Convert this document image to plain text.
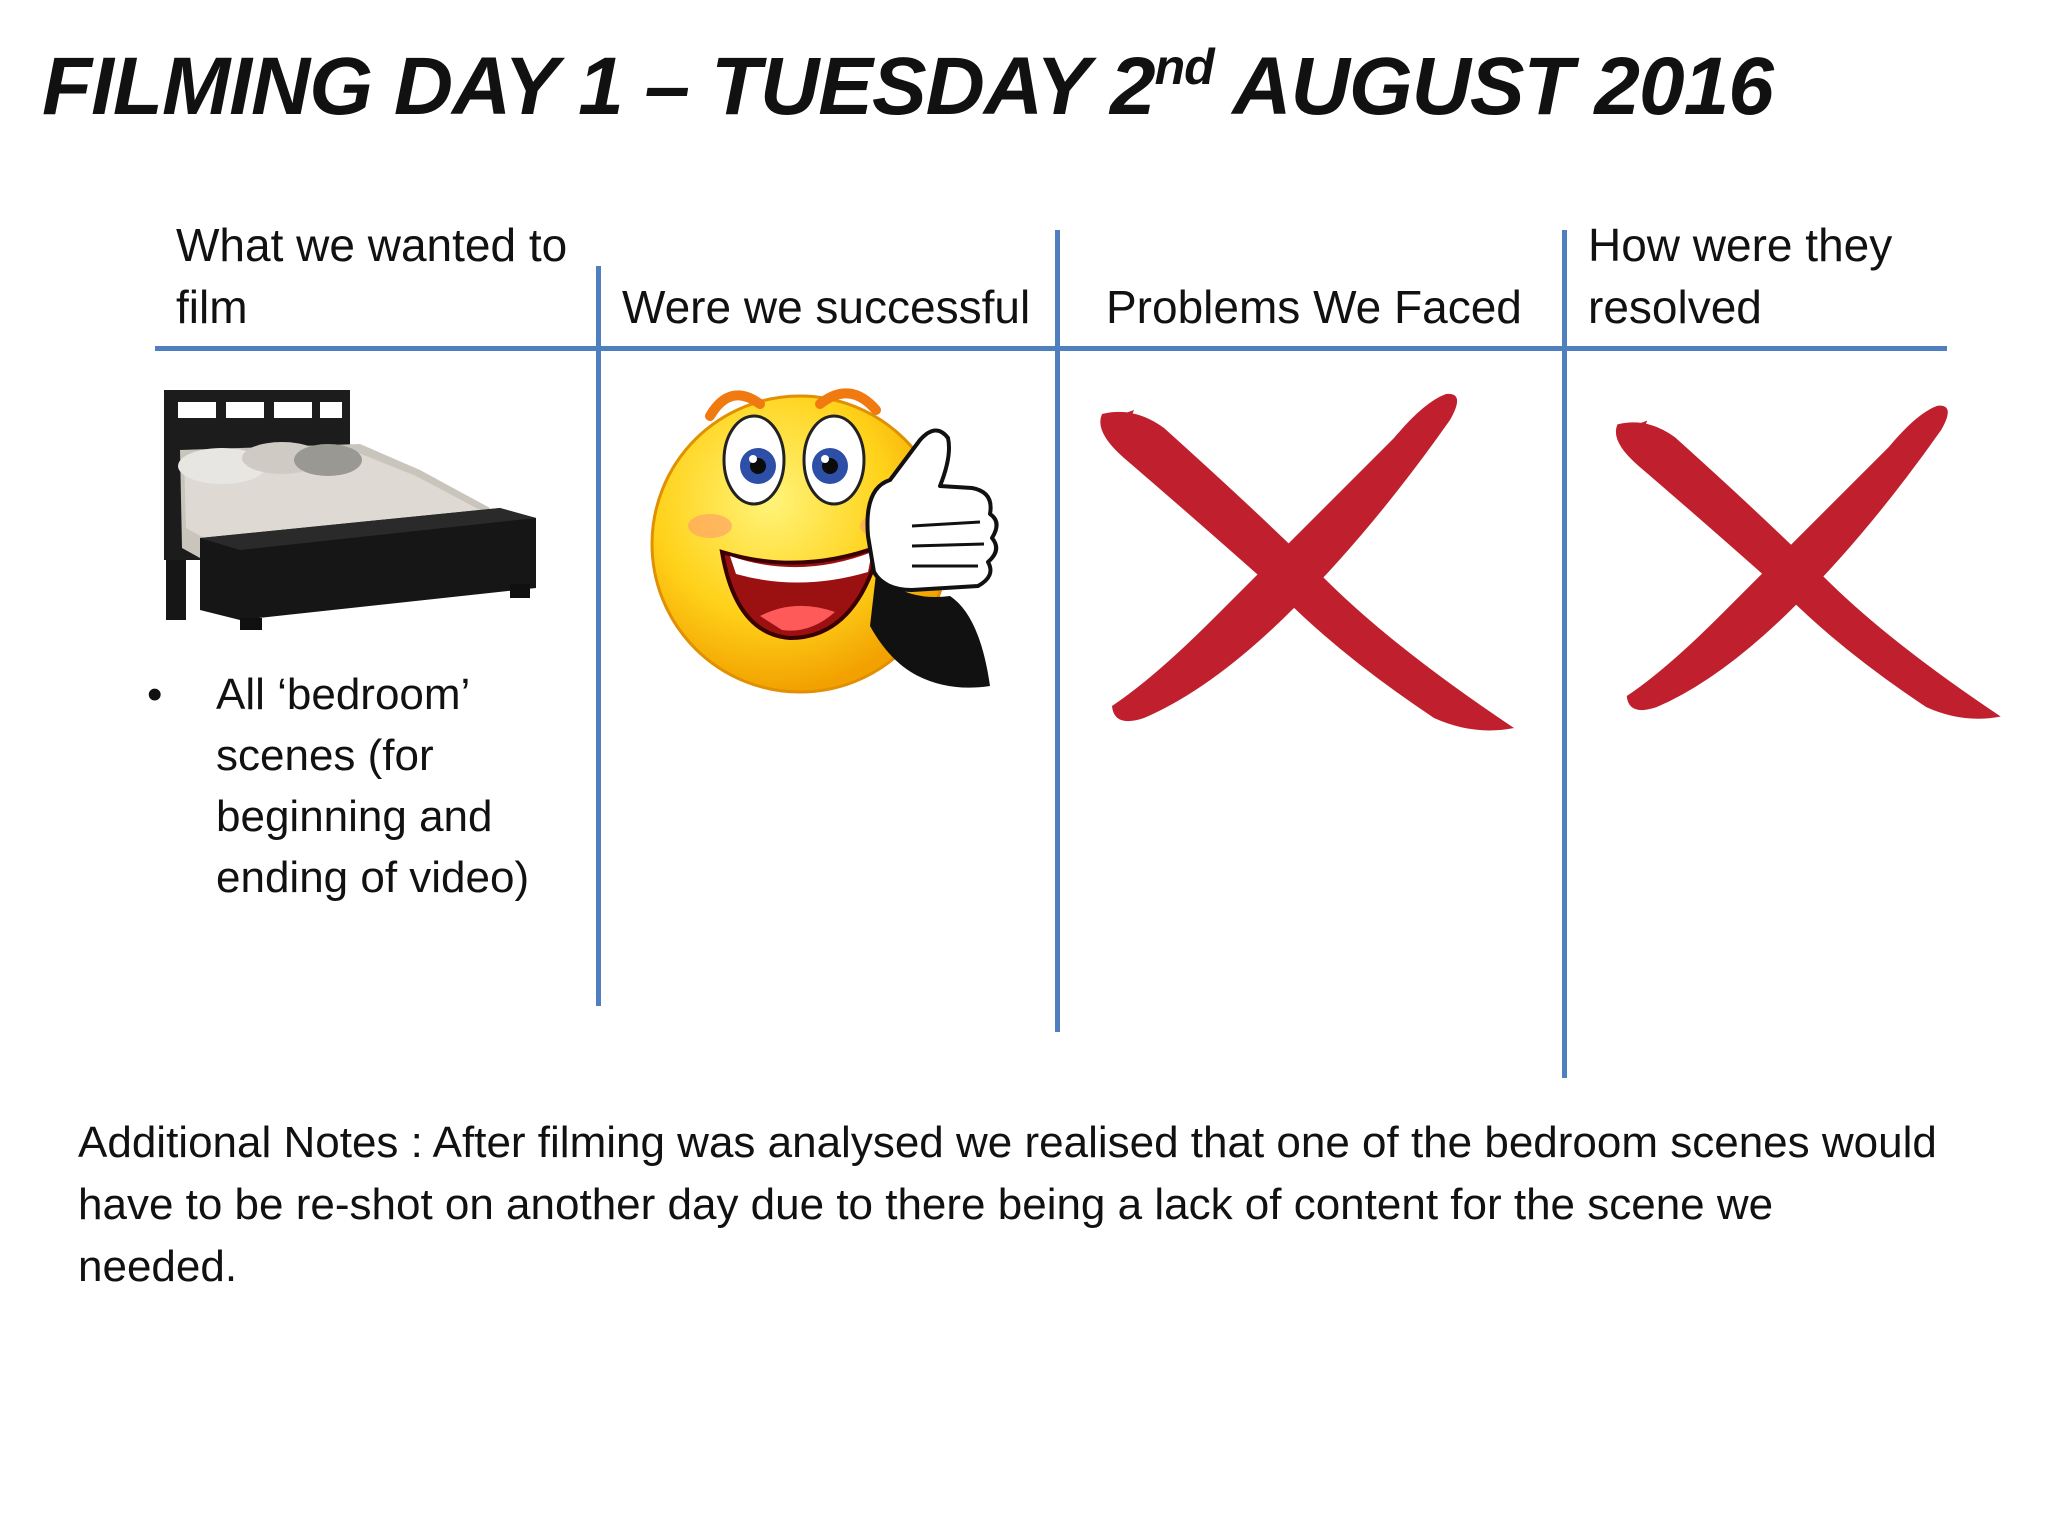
FILMING DAY 1 – TUESDAY 2nd AUGUST 2016

What we wanted to film	Were we successful Problems We Faced

How were they resolved

• All ‘bedroom’ scenes (for beginning and ending of video)

Additional Notes : After filming was analysed we realised that one of the bedroom scenes would have to be re-shot on another day due to there being a lack of content for the scene we needed.
